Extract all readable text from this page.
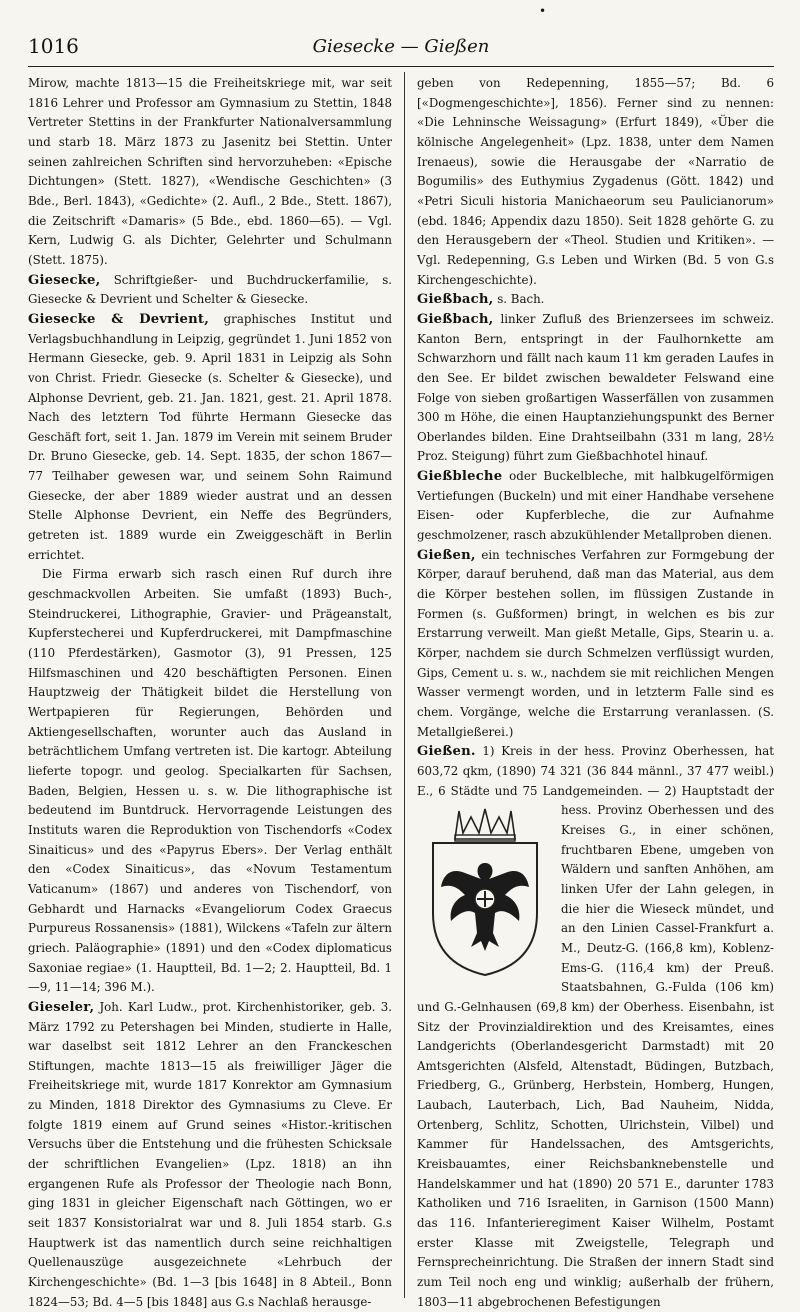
•
1016	Giesecke — Gießen

Mirow, machte 1813—15 die Freiheitskriege mit, war seit 1816 Lehrer und Professor am Gymnasium zu Stettin, 1848 Vertreter Stettins in der Frankfurter Nationalversammlung und starb 18. März 1873 zu Jasenitz bei Stettin. Unter seinen zahlreichen Schriften sind hervorzuheben: «Epische Dichtungen» (Stett. 1827), «Wendische Geschichten» (3 Bde., Berl. 1843), «Gedichte» (2. Aufl., 2 Bde., Stett. 1867), die Zeitschrift «Damaris» (5 Bde., ebd. 1860—65). — Vgl. Kern, Ludwig G. als Dichter, Gelehrter und Schulmann (Stett. 1875).

Giesecke, Schriftgießer- und Buchdruckerfamilie, s. Giesecke & Devrient und Schelter & Giesecke.

Giesecke & Devrient, graphisches Institut und Verlagsbuchhandlung in Leipzig, gegründet 1. Juni 1852 von Hermann Giesecke, geb. 9. April 1831 in Leipzig als Sohn von Christ. Friedr. Giesecke (s. Schelter & Giesecke), und Alphonse Devrient, geb. 21. Jan. 1821, gest. 21. April 1878. Nach des letztern Tod führte Hermann Giesecke das Geschäft fort, seit 1. Jan. 1879 im Verein mit seinem Bruder Dr. Bruno Giesecke, geb. 14. Sept. 1835, der schon 1867—77 Teilhaber gewesen war, und seinem Sohn Raimund Giesecke, der aber 1889 wieder austrat und an dessen Stelle Alphonse Devrient, ein Neffe des Begründers, getreten ist. 1889 wurde ein Zweiggeschäft in Berlin errichtet.

Die Firma erwarb sich rasch einen Ruf durch ihre geschmackvollen Arbeiten. Sie umfaßt (1893) Buch-, Steindruckerei, Lithographie, Gravier- und Prägeanstalt, Kupferstecherei und Kupferdruckerei, mit Dampfmaschine (110 Pferdestärken), Gasmotor (3), 91 Pressen, 125 Hilfsmaschinen und 420 beschäftigten Personen. Einen Hauptzweig der Thätigkeit bildet die Herstellung von Wertpapieren für Regierungen, Behörden und Aktiengesellschaften, worunter auch das Ausland in beträchtlichem Umfang vertreten ist. Die kartogr. Abteilung lieferte topogr. und geolog. Specialkarten für Sachsen, Baden, Belgien, Hessen u. s. w. Die lithographische ist bedeutend im Buntdruck. Hervorragende Leistungen des Instituts waren die Reproduktion von Tischendorfs «Codex Sinaiticus» und des «Papyrus Ebers». Der Verlag enthält den «Codex Sinaiticus», das «Novum Testamentum Vaticanum» (1867) und anderes von Tischendorf, von Gebhardt und Harnacks «Evangeliorum Codex Graecus Purpureus Rossanensis» (1881), Wilckens «Tafeln zur ältern griech. Paläographie» (1891) und den «Codex diplomaticus Saxoniae regiae» (1. Hauptteil, Bd. 1—2; 2. Hauptteil, Bd. 1—9, 11—14; 396 M.).

Gieseler, Joh. Karl Ludw., prot. Kirchenhistoriker, geb. 3. März 1792 zu Petershagen bei Minden, studierte in Halle, war daselbst seit 1812 Lehrer an den Franckeschen Stiftungen, machte 1813—15 als freiwilliger Jäger die Freiheitskriege mit, wurde 1817 Konrektor am Gymnasium zu Minden, 1818 Direktor des Gymnasiums zu Cleve. Er folgte 1819 einem auf Grund seines «Histor.-kritischen Versuchs über die Entstehung und die frühesten Schicksale der schriftlichen Evangelien» (Lpz. 1818) an ihn ergangenen Rufe als Professor der Theologie nach Bonn, ging 1831 in gleicher Eigenschaft nach Göttingen, wo er seit 1837 Konsistorialrat war und 8. Juli 1854 starb. G.s Hauptwerk ist das namentlich durch seine reichhaltigen Quellenauszüge ausgezeichnete «Lehrbuch der Kirchengeschichte» (Bd. 1—3 [bis 1648] in 8 Abteil., Bonn 1824—53; Bd. 4—5 [bis 1848] aus G.s Nachlaß herausge-

geben von Redepenning, 1855—57; Bd. 6 [«Dogmengeschichte»], 1856). Ferner sind zu nennen: «Die Lehninsche Weissagung» (Erfurt 1849), «Über die kölnische Angelegenheit» (Lpz. 1838, unter dem Namen Irenaeus), sowie die Herausgabe der «Narratio de Bogumilis» des Euthymius Zygadenus (Gött. 1842) und «Petri Siculi historia Manichaeorum seu Paulicianorum» (ebd. 1846; Appendix dazu 1850). Seit 1828 gehörte G. zu den Herausgebern der «Theol. Studien und Kritiken». — Vgl. Redepenning, G.s Leben und Wirken (Bd. 5 von G.s Kirchengeschichte).

Gießbach, s. Bach.

Gießbach, linker Zufluß des Brienzersees im schweiz. Kanton Bern, entspringt in der Faulhornkette am Schwarzhorn und fällt nach kaum 11 km geraden Laufes in den See. Er bildet zwischen bewaldeter Felswand eine Folge von sieben großartigen Wasserfällen von zusammen 300 m Höhe, die einen Hauptanziehungspunkt des Berner Oberlandes bilden. Eine Drahtseilbahn (331 m lang, 28½ Proz. Steigung) führt zum Gießbachhotel hinauf.

Gießbleche oder Buckelbleche, mit halbkugelförmigen Vertiefungen (Buckeln) und mit einer Handhabe versehene Eisen- oder Kupferbleche, die zur Aufnahme geschmolzener, rasch abzukühlender Metallproben dienen.

Gießen, ein technisches Verfahren zur Formgebung der Körper, darauf beruhend, daß man das Material, aus dem die Körper bestehen sollen, im flüssigen Zustande in Formen (s. Gußformen) bringt, in welchen es bis zur Erstarrung verweilt. Man gießt Metalle, Gips, Stearin u. a. Körper, nachdem sie durch Schmelzen verflüssigt wurden, Gips, Cement u. s. w., nachdem sie mit reichlichen Mengen Wasser vermengt worden, und in letzterm Falle sind es chem. Vorgänge, welche die Erstarrung veranlassen. (S. Metallgießerei.)

Gießen. 1) Kreis in der hess. Provinz Oberhessen, hat 603,72 qkm, (1890) 74 321 (36 844 männl., 37 477 weibl.) E., 6 Städte und 75 Landgemeinden. — 2) Hauptstadt der hess.
Provinz Oberhessen und des Kreises G., in einer schönen, fruchtbaren Ebene, umgeben von Wäldern und sanften Anhöhen, am linken Ufer der Lahn gelegen, in die hier die Wieseck mündet, und an den Linien Cassel-Frankfurt a. M., Deutz-G. (166,8 km), Koblenz-Ems-G. (116,4 km) der Preuß. Staatsbahnen, G.-Fulda (106 km) und G.-Gelnhausen (69,8 km) der Oberhess. Eisenbahn, ist Sitz der Provinzialdirektion und des Kreisamtes, eines Landgerichts (Oberlandesgericht Darmstadt) mit 20 Amtsgerichten (Alsfeld, Altenstadt, Büdingen, Butzbach, Friedberg, G., Grünberg, Herbstein, Homberg, Hungen, Laubach, Lauterbach, Lich, Bad Nauheim, Nidda, Ortenberg, Schlitz, Schotten, Ulrichstein, Vilbel) und Kammer für Handelssachen, des Amtsgerichts, Kreisbauamtes, einer Reichsbanknebenstelle und Handelskammer und hat (1890) 20 571 E., darunter 1783 Katholiken und 716 Israeliten, in Garnison (1500 Mann) das 116. Infanterieregiment Kaiser Wilhelm, Postamt erster Klasse mit Zweigstelle, Telegraph und Fernsprecheinrichtung. Die Straßen der innern Stadt sind zum Teil noch eng und winklig; außerhalb der frühern, 1803—11 abgebrochenen Befestigungen
